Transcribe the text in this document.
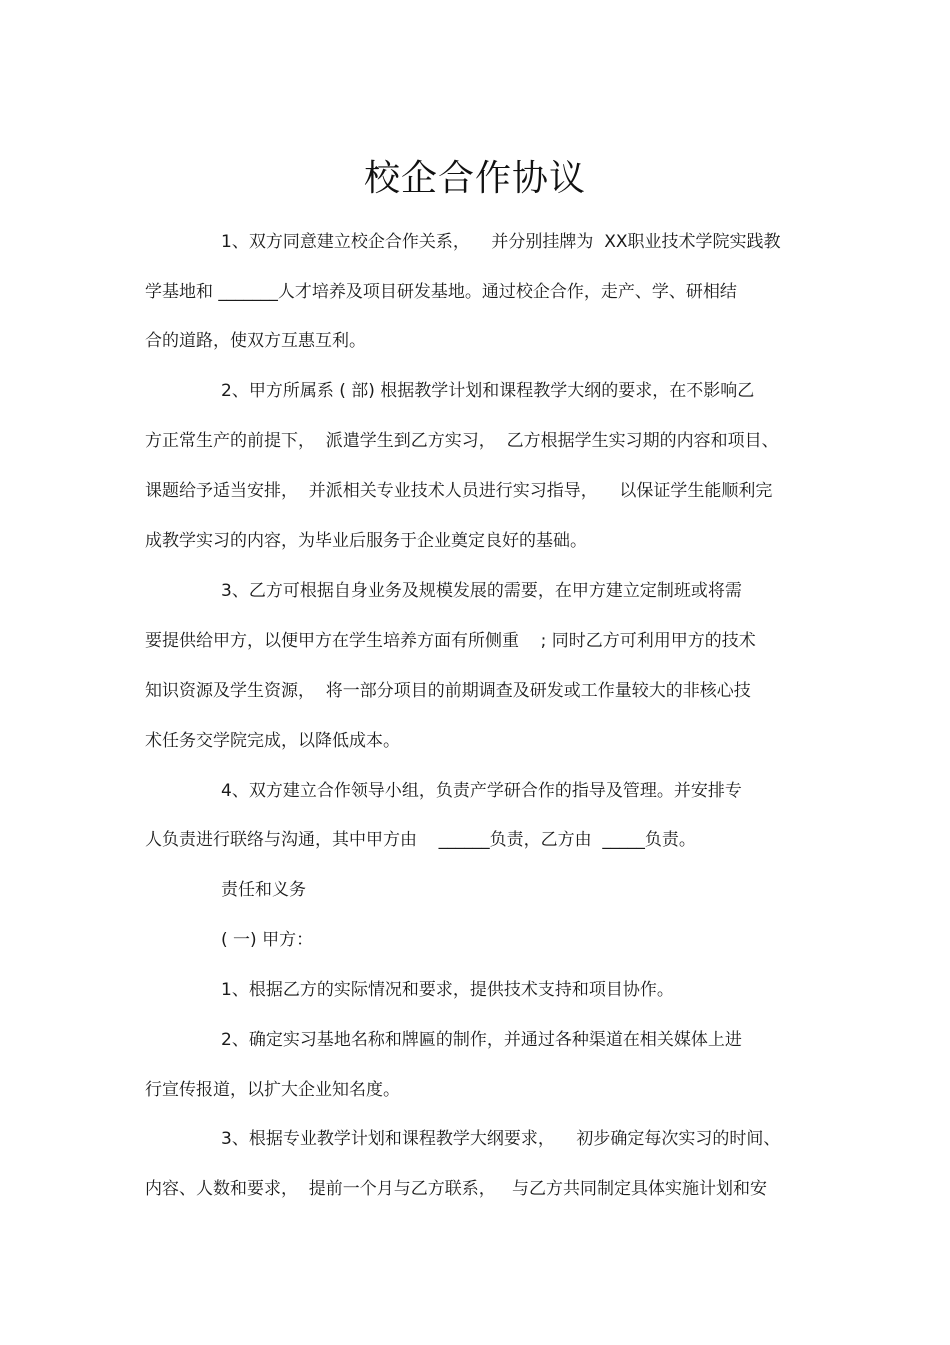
校企合作协议
1、双方同意建立校企合作关系，    并分别挂牌为  XX职业技术学院实践教
学基地和 _______人才培养及项目研发基地。通过校企合作，走产、学、研相结
合的道路，使双方互惠互利。
2、甲方所属系 ( 部) 根据教学计划和课程教学大纲的要求，在不影响乙
方正常生产的前提下，  派遣学生到乙方实习，  乙方根据学生实习期的内容和项目、
课题给予适当安排，  并派相关专业技术人员进行实习指导，    以保证学生能顺利完
成教学实习的内容，为毕业后服务于企业奠定良好的基础。
3、乙方可根据自身业务及规模发展的需要，在甲方建立定制班或将需
要提供给甲方，以便甲方在学生培养方面有所侧重    ; 同时乙方可利用甲方的技术
知识资源及学生资源，  将一部分项目的前期调查及研发或工作量较大的非核心技
术任务交学院完成，以降低成本。
4、双方建立合作领导小组，负责产学研合作的指导及管理。并安排专
人负责进行联络与沟通，其中甲方由    ______负责，乙方由  _____负责。
责任和义务
( 一) 甲方：
1、根据乙方的实际情况和要求，提供技术支持和项目协作。
2、确定实习基地名称和牌匾的制作，并通过各种渠道在相关媒体上进
行宣传报道，以扩大企业知名度。
3、根据专业教学计划和课程教学大纲要求，    初步确定每次实习的时间、
内容、人数和要求，  提前一个月与乙方联系，   与乙方共同制定具体实施计划和安
